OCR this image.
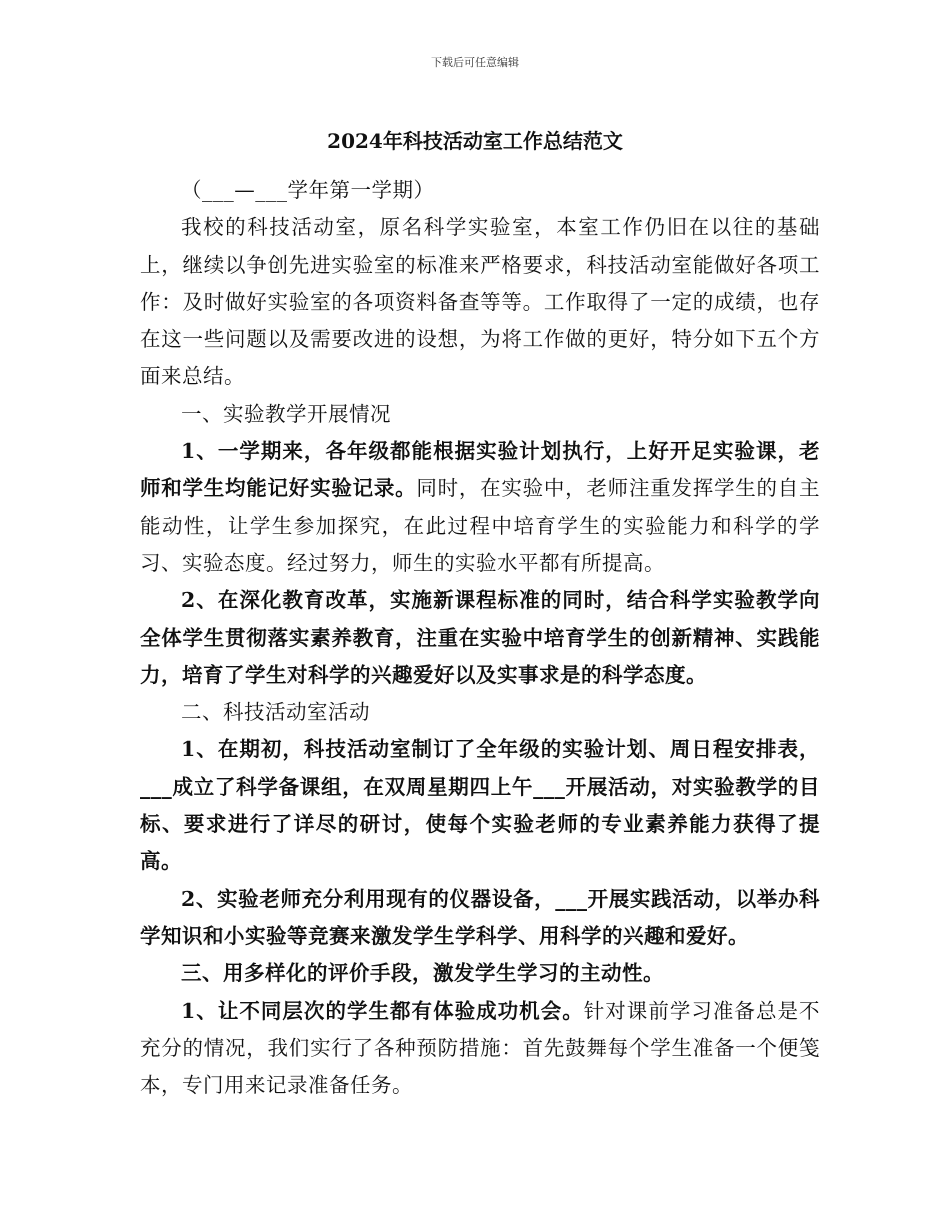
下载后可任意编辑
2024年科技活动室工作总结范文

（___—___学年第一学期）

我校的科技活动室，原名科学实验室，本室工作仍旧在以往的基础上，继续以争创先进实验室的标准来严格要求，科技活动室能做好各项工作：及时做好实验室的各项资料备查等等。工作取得了一定的成绩，也存在这一些问题以及需要改进的设想，为将工作做的更好，特分如下五个方面来总结。

一、实验教学开展情况

1、一学期来，各年级都能根据实验计划执行，上好开足实验课，老师和学生均能记好实验记录。同时，在实验中，老师注重发挥学生的自主能动性，让学生参加探究，在此过程中培育学生的实验能力和科学的学习、实验态度。经过努力，师生的实验水平都有所提高。

2、在深化教育改革，实施新课程标准的同时，结合科学实验教学向全体学生贯彻落实素养教育，注重在实验中培育学生的创新精神、实践能力，培育了学生对科学的兴趣爱好以及实事求是的科学态度。

二、科技活动室活动

1、在期初，科技活动室制订了全年级的实验计划、周日程安排表，___成立了科学备课组，在双周星期四上午___开展活动，对实验教学的目标、要求进行了详尽的研讨，使每个实验老师的专业素养能力获得了提高。

2、实验老师充分利用现有的仪器设备，___开展实践活动，以举办科学知识和小实验等竞赛来激发学生学科学、用科学的兴趣和爱好。

三、用多样化的评价手段，激发学生学习的主动性。

1、让不同层次的学生都有体验成功机会。针对课前学习准备总是不充分的情况，我们实行了各种预防措施：首先鼓舞每个学生准备一个便笺本，专门用来记录准备任务。
